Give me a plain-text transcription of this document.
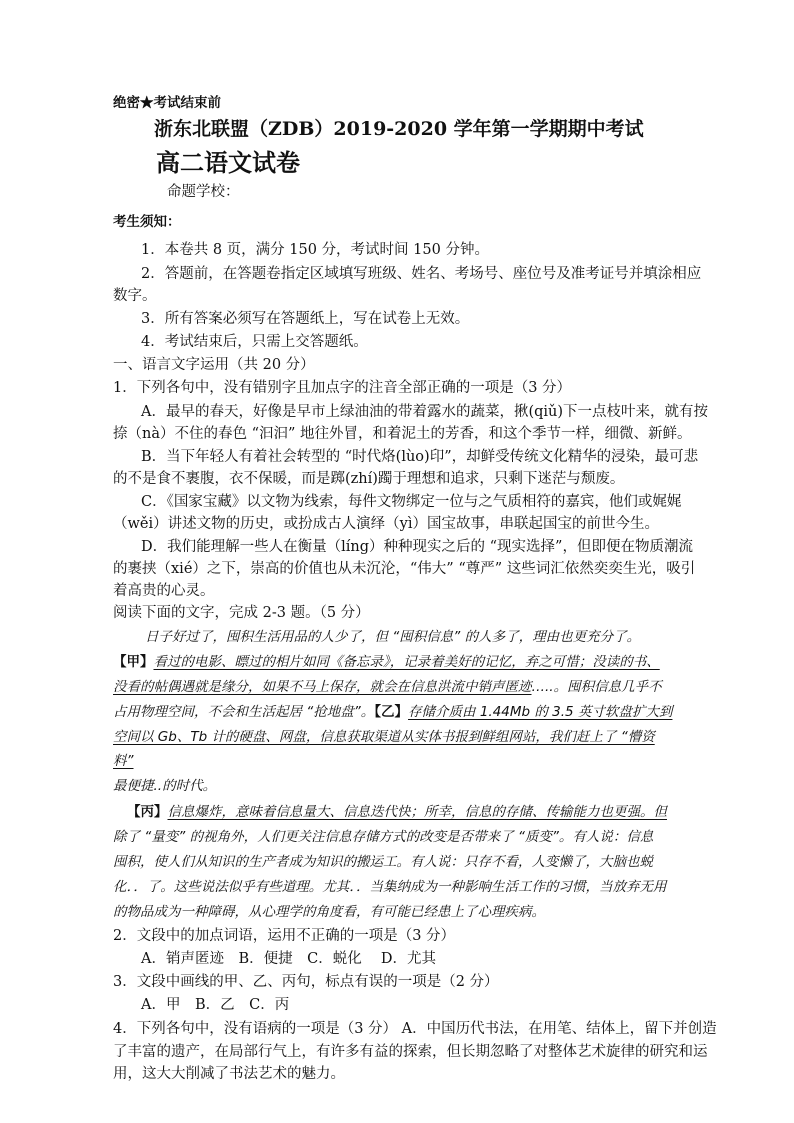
绝密★考试结束前
浙东北联盟（ZDB）2019-2020 学年第一学期期中考试
高二语文试卷
命题学校：
考生须知：
1．本卷共 8 页，满分 150 分，考试时间 150 分钟。
2．答题前，在答题卷指定区域填写班级、姓名、考场号、座位号及准考证号并填涂相应
数字。
3．所有答案必须写在答题纸上，写在试卷上无效。
4．考试结束后，只需上交答题纸。
一、语言文字运用（共 20 分）
1．下列各句中，没有错别字且加点字的注音全部正确的一项是（3 分）
A．最早的春天，好像是早市上绿油油的带着露水的蔬菜，揪(qiǔ)下一点枝叶来，就有按
捺（nà）不住的春色 “汩汩” 地往外冒，和着泥土的芳香，和这个季节一样，细微、新鲜。
B．当下年轻人有着社会转型的 “时代烙(lùo)印”，却鲜受传统文化精华的浸染，最可悲
的不是食不裹腹，衣不保暖，而是踯(zhí)躅于理想和追求，只剩下迷茫与颓废。
C．《国家宝藏》以文物为线索，每件文物绑定一位与之气质相符的嘉宾，他们或娓娓
（wěi）讲述文物的历史，或扮成古人演绎（yì）国宝故事，串联起国宝的前世今生。
D．我们能理解一些人在衡量（líng）种种现实之后的 “现实选择”，但即便在物质潮流
的裹挟（xié）之下，崇高的价值也从未沉沦，“伟大” “尊严” 这些词汇依然奕奕生光，吸引
着高贵的心灵。
阅读下面的文字，完成 2-3 题。（5 分）
日子好过了，囤积生活用品的人少了，但 “囤积信息” 的人多了，理由也更充分了。
【甲】看过的电影、瞟过的相片如同《备忘录》，记录着美好的记忆，弃之可惜；没读的书、
没看的帖偶遇就是缘分，如果不马上保存，就会在信息洪流中销声匿迹…..。囤积信息几乎不
占用物理空间，不会和生活起居 “抢地盘”。【乙】存储介质由 1.44Mb 的 3.5 英寸软盘扩大到
空间以 Gb、Tb 计的硬盘、网盘，信息获取渠道从实体书报到鲜组网站，我们赶上了 “懵资
料”
最便捷..的时代。
【丙】信息爆炸，意味着信息量大、信息迭代快；所幸，信息的存储、传输能力也更强。但
除了 “量变” 的视角外，人们更关注信息存储方式的改变是否带来了 “质变”。有人说：信息
囤积，使人们从知识的生产者成为知识的搬运工。有人说：只存不看，人变懒了，大脑也蜕
化．．了。这些说法似乎有些道理。尤其．．当集纳成为一种影响生活工作的习惯，当放弃无用
的物品成为一种障碍，从心理学的角度看，有可能已经患上了心理疾病。
2．文段中的加点词语，运用不正确的一项是（3 分）
A．销声匿迹　B．便捷　C．蜕化　 D．尤其
3．文段中画线的甲、乙、丙句，标点有误的一项是（2 分）
A．甲　B．乙　C．丙
4．下列各句中，没有语病的一项是（3 分） A．中国历代书法，在用笔、结体上，留下并创造
了丰富的遗产，在局部行气上，有许多有益的探索，但长期忽略了对整体艺术旋律的研究和运
用，这大大削减了书法艺术的魅力。
